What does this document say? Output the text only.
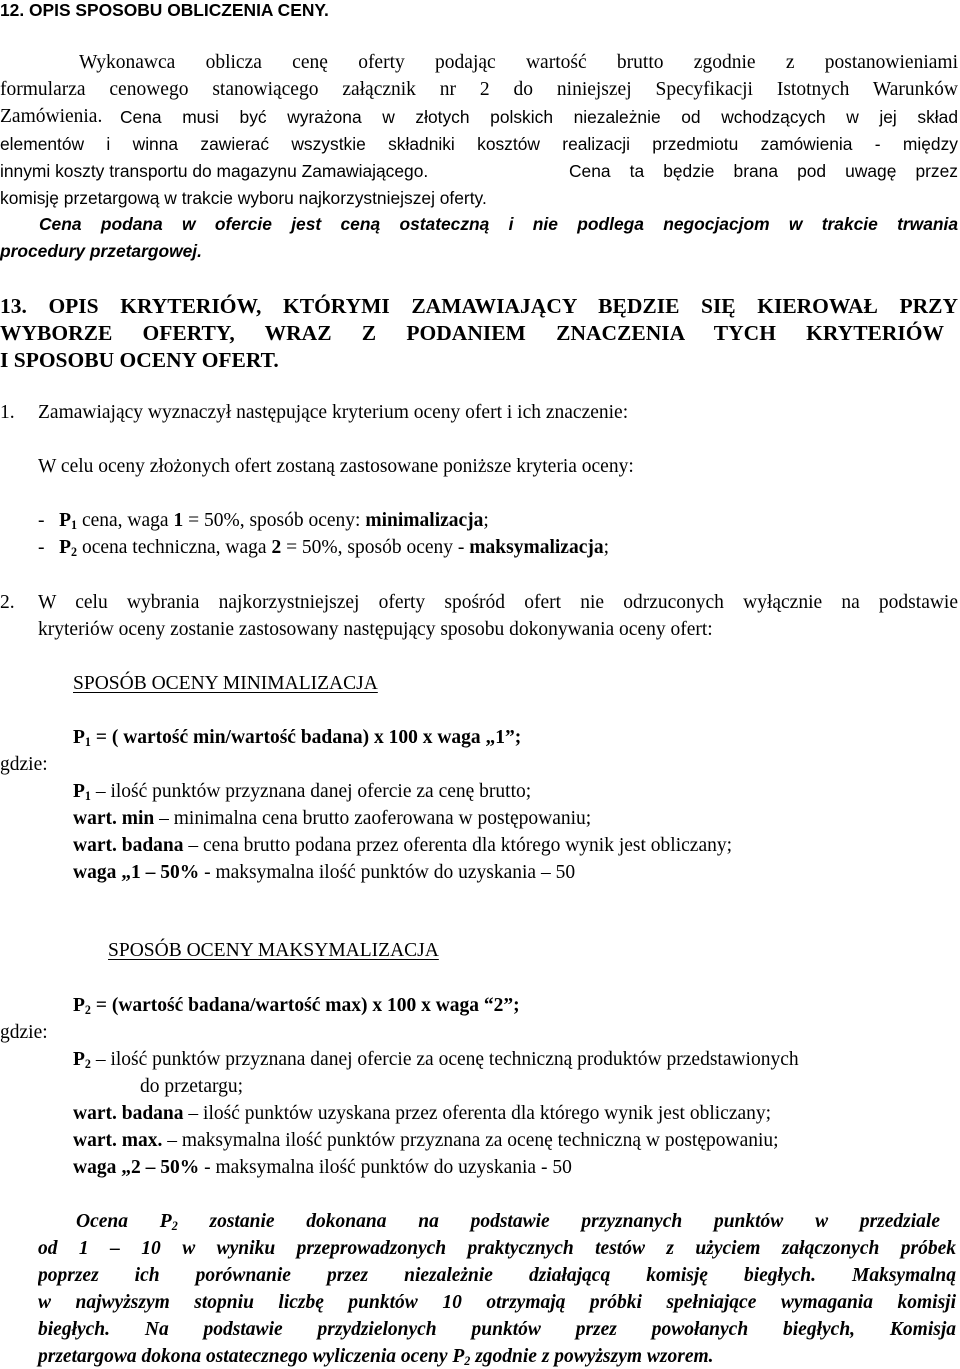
12. OPIS SPOSOBU OBLICZENIA CENY.
Wykonawca oblicza cenę oferty podając wartość brutto zgodnie z postanowieniami
formularza cenowego stanowiącego załącznik nr 2 do niniejszej Specyfikacji Istotnych Warunków
Zamówienia. Cena musi być wyrażona w złotych polskich niezależnie od wchodzących w jej skład
elementów i winna zawierać wszystkie składniki kosztów realizacji przedmiotu zamówienia - między
innymi koszty transportu do magazynu Zamawiającego.	Cena ta będzie brana pod uwagę przez
komisję przetargową w trakcie wyboru najkorzystniejszej oferty.
Cena podana w ofercie jest ceną ostateczną i nie podlega negocjacjom w trakcie trwania
procedury przetargowej.
13. OPIS KRYTERIÓW, KTÓRYMI ZAMAWIAJĄCY BĘDZIE SIĘ KIEROWAŁ PRZY
WYBORZE OFERTY, WRAZ Z PODANIEM ZNACZENIA TYCH KRYTERIÓW
I SPOSOBU OCENY OFERT.
1. Zamawiający wyznaczył następujące kryterium oceny ofert i ich znaczenie:
W celu oceny złożonych ofert zostaną zastosowane poniższe kryteria oceny:
- $P_1$ cena, waga 1 = 50%, sposób oceny: minimalizacja;
- $P_2$ ocena techniczna, waga 2 = 50%, sposób oceny - maksymalizacja;
2. W celu wybrania najkorzystniejszej oferty spośród ofert nie odrzuconych wyłącznie na podstawie
kryteriów oceny zostanie zastosowany następujący sposobu dokonywania oceny ofert:
SPOSÓB OCENY MINIMALIZACJA
$P_1$ = ( wartość min/wartość badana) x 100 x waga „1”;
gdzie:
$P_1$ – ilość punktów przyznana danej ofercie za cenę brutto;
wart. min – minimalna cena brutto zaoferowana w postępowaniu;
wart. badana – cena brutto podana przez oferenta dla którego wynik jest obliczany;
waga „1 – 50% - maksymalna ilość punktów do uzyskania – 50
SPOSÓB OCENY MAKSYMALIZACJA
$P_2$ = (wartość badana/wartość max) x 100 x waga “2”;
gdzie:
$P_2$ – ilość punktów przyznana danej ofercie za ocenę techniczną produktów przedstawionych
do przetargu;
wart. badana – ilość punktów uzyskana przez oferenta dla którego wynik jest obliczany;
wart. max. – maksymalna ilość punktów przyznana za ocenę techniczną w postępowaniu;
waga „2 – 50% - maksymalna ilość punktów do uzyskania - 50
Ocena $P_2$ zostanie dokonana na podstawie przyznanych punktów w przedziale
od 1 – 10 w wyniku przeprowadzonych praktycznych testów z użyciem załączonych próbek
poprzez ich porównanie przez niezależnie działającą komisję biegłych. Maksymalną
w najwyższym stopniu liczbę punktów 10 otrzymają próbki spełniające wymagania komisji
biegłych. Na podstawie przydzielonych punktów przez powołanych biegłych, Komisja
przetargowa dokona ostatecznego wyliczenia oceny $P_2$ zgodnie z powyższym wzorem.
